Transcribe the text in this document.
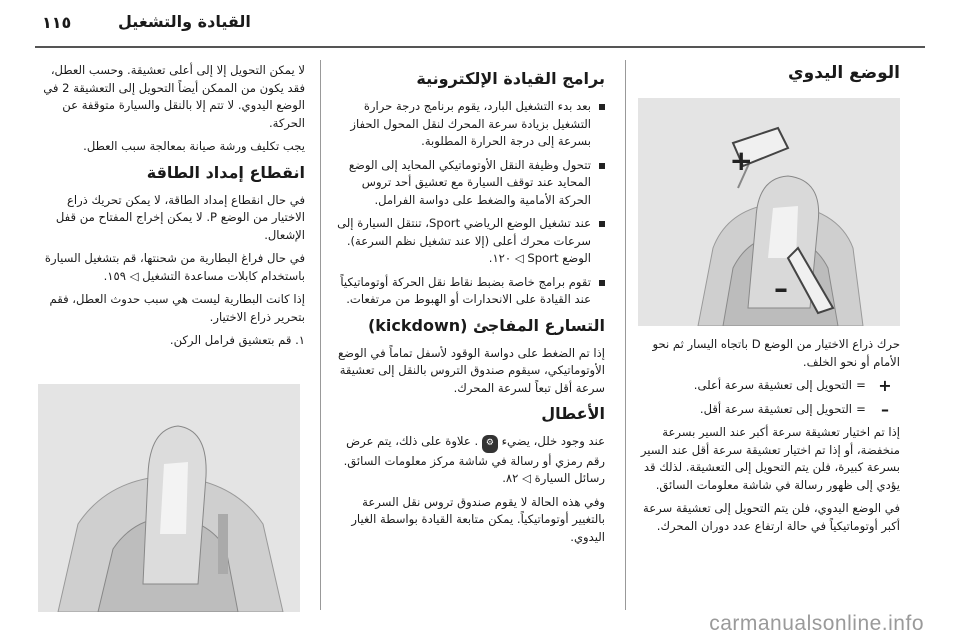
١١٥	القيادة والتشغيل
الوضع اليدوي
+
–

حرك ذراع الاختيار من الوضع D باتجاه اليسار ثم نحو الأمام أو نحو الخلف.

+
=
التحويل إلى تعشيقة سرعة أعلى.
–
=
التحويل إلى تعشيقة سرعة أقل.

إذا تم اختيار تعشيقة سرعة أكبر عند السير بسرعة منخفضة، أو إذا تم اختيار تعشيقة سرعة أقل عند السير بسرعة كبيرة، فلن يتم التحويل إلى التعشيقة. لذلك قد يؤدي إلى ظهور رسالة في شاشة معلومات السائق.

في الوضع اليدوي، فلن يتم التحويل إلى تعشيقة سرعة أكبر أوتوماتيكياً في حالة ارتفاع عدد دوران المحرك.

برامج القيادة الإلكترونية
بعد بدء التشغيل البارد، يقوم برنامج درجة حرارة التشغيل بزيادة سرعة المحرك لنقل المحول الحفاز بسرعة إلى درجة الحرارة المطلوبة.
تتحول وظيفة النقل الأوتوماتيكي المحايد إلى الوضع المحايد عند توقف السيارة مع تعشيق أحد تروس الحركة الأمامية والضغط على دواسة الفرامل.
عند تشغيل الوضع الرياضي Sport، تنتقل السيارة إلى سرعات محرك أعلى (إلا عند تشغيل نظم السرعة). الوضع Sport ◁ ١٢٠.
تقوم برامج خاصة بضبط نقاط نقل الحركة أوتوماتيكياً عند القيادة على الانحدارات أو الهبوط من مرتفعات.
التسارع المفاجئ (kickdown)

إذا تم الضغط على دواسة الوقود لأسفل تماماً في الوضع الأوتوماتيكي، سيقوم صندوق التروس بالنقل إلى تعشيقة سرعة أقل تبعاً لسرعة المحرك.

الأعطال

عند وجود خلل، يضيء ⚙ . علاوة على ذلك، يتم عرض رقم رمزي أو رسالة في شاشة مركز معلومات السائق. رسائل السيارة ◁ ٨٢.

وفي هذه الحالة لا يقوم صندوق تروس نقل السرعة بالتغيير أوتوماتيكياً. يمكن متابعة القيادة بواسطة الغيار اليدوي.

لا يمكن التحويل إلا إلى أعلى تعشيقة. وحسب العطل، فقد يكون من الممكن أيضاً التحويل إلى التعشيقة 2 في الوضع اليدوي. لا تتم إلا بالنقل والسيارة متوقفة عن الحركة.

يجب تكليف ورشة صيانة بمعالجة سبب العطل.

انقطاع إمداد الطاقة

في حال انقطاع إمداد الطاقة، لا يمكن تحريك ذراع الاختيار من الوضع P. لا يمكن إخراج المفتاح من قفل الإشعال.

في حال فراغ البطارية من شحنتها، قم بتشغيل السيارة باستخدام كابلات مساعدة التشغيل ◁ ١٥٩.

إذا كانت البطارية ليست هي سبب حدوث العطل، فقم بتحرير ذراع الاختيار.

١. قم بتعشيق فرامل الركن.

carmanualsonline.info
